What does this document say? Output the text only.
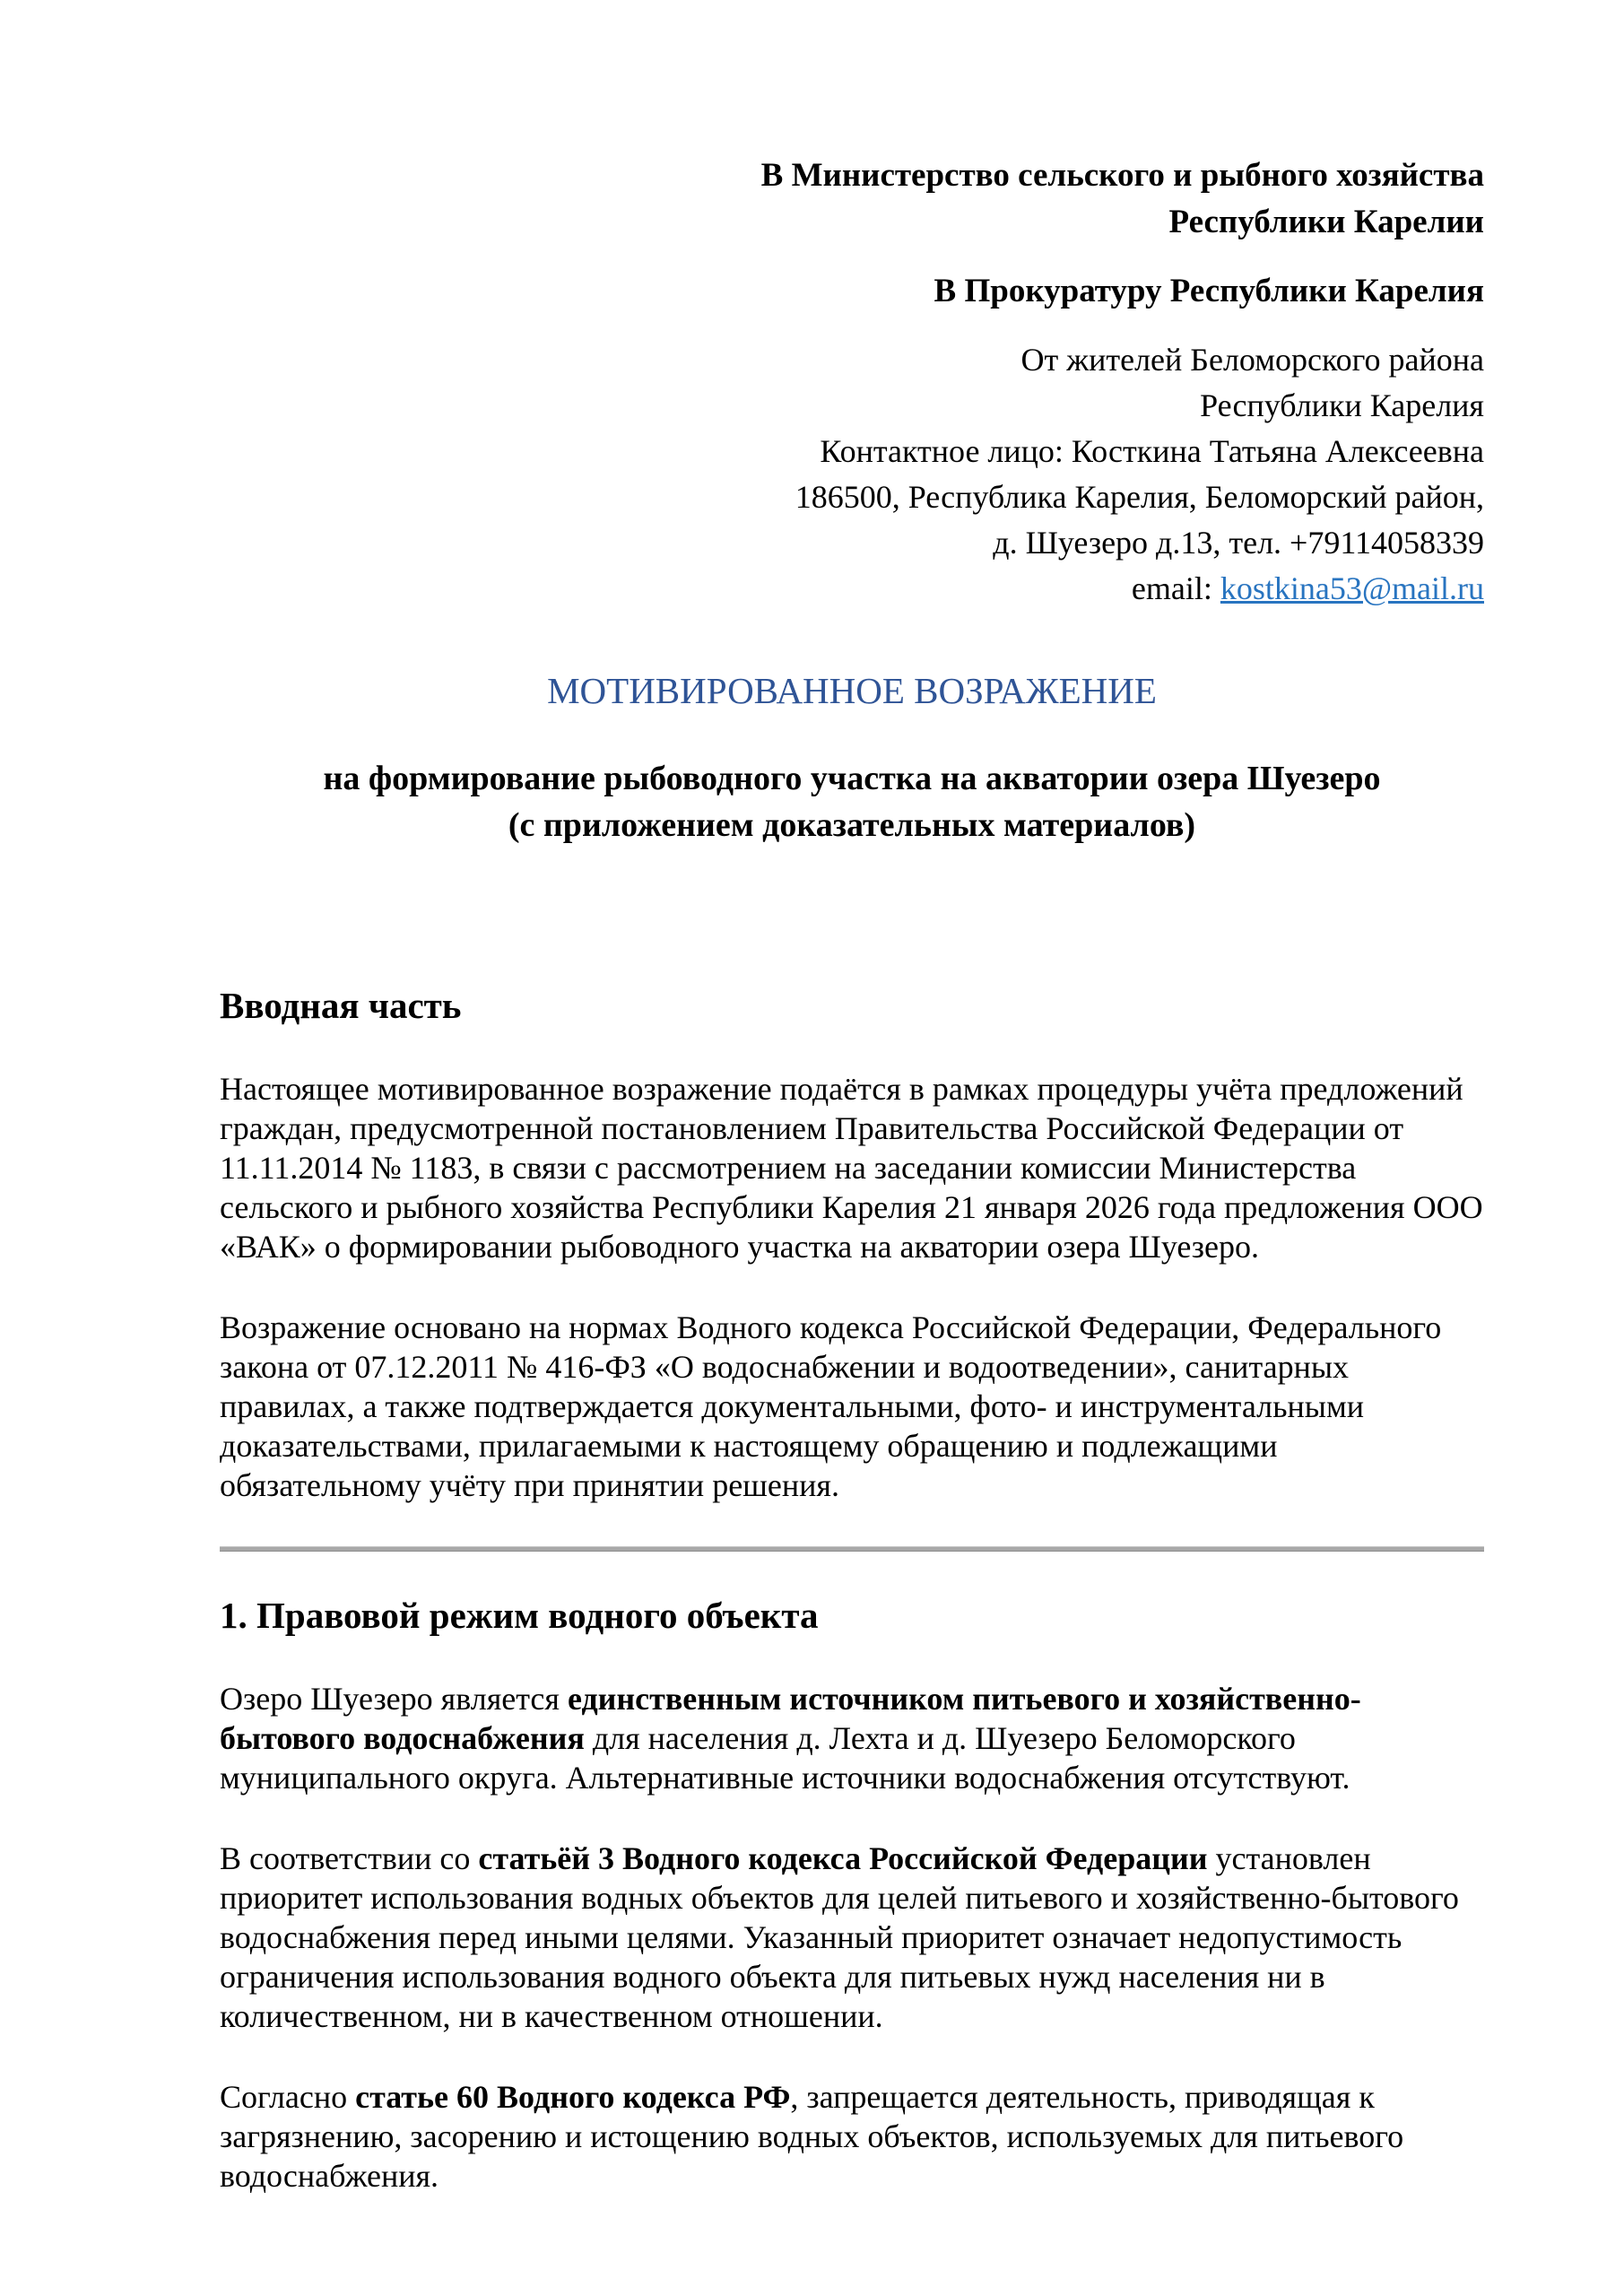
В Министерство сельского и рыбного хозяйства
Республики Карелии
В Прокуратуру Республики Карелия
От жителей Беломорского района
Республики Карелия
Контактное лицо: Косткина Татьяна Алексеевна
186500, Республика Карелия, Беломорский район,
д. Шуезеро д.13, тел. +79114058339
email: kostkina53@mail.ru
МОТИВИРОВАННОЕ ВОЗРАЖЕНИЕ
на формирование рыбоводного участка на акватории озера Шуезеро
(с приложением доказательных материалов)
Вводная часть
Настоящее мотивированное возражение подаётся в рамках процедуры учёта предложений граждан, предусмотренной постановлением Правительства Российской Федерации от 11.11.2014 № 1183, в связи с рассмотрением на заседании комиссии Министерства сельского и рыбного хозяйства Республики Карелия 21 января 2026 года предложения ООО «ВАК» о формировании рыбоводного участка на акватории озера Шуезеро.
Возражение основано на нормах Водного кодекса Российской Федерации, Федерального закона от 07.12.2011 № 416-ФЗ «О водоснабжении и водоотведении», санитарных правилах, а также подтверждается документальными, фото- и инструментальными доказательствами, прилагаемыми к настоящему обращению и подлежащими обязательному учёту при принятии решения.
1. Правовой режим водного объекта
Озеро Шуезеро является единственным источником питьевого и хозяйственно-бытового водоснабжения для населения д. Лехта и д. Шуезеро Беломорского муниципального округа. Альтернативные источники водоснабжения отсутствуют.
В соответствии со статьёй 3 Водного кодекса Российской Федерации установлен приоритет использования водных объектов для целей питьевого и хозяйственно-бытового водоснабжения перед иными целями. Указанный приоритет означает недопустимость ограничения использования водного объекта для питьевых нужд населения ни в количественном, ни в качественном отношении.
Согласно статье 60 Водного кодекса РФ, запрещается деятельность, приводящая к загрязнению, засорению и истощению водных объектов, используемых для питьевого водоснабжения.
